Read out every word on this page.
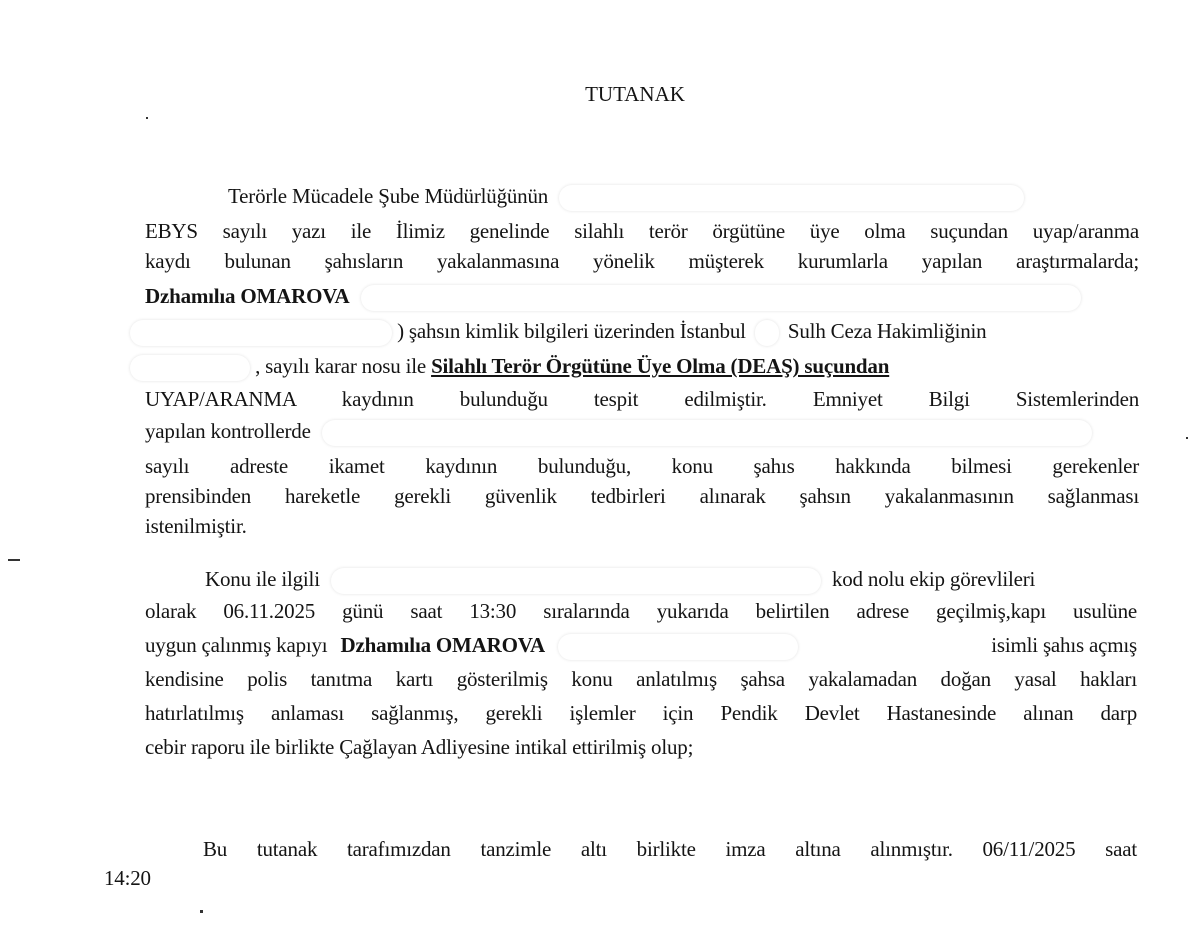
TUTANAK
Terörle Mücadele Şube Müdürlüğünün
EBYS sayılı yazı ile İlimiz genelinde silahlı terör örgütüne üye olma suçundan uyap/aranma
kaydı bulunan şahısların yakalanmasına yönelik müşterek kurumlarla yapılan araştırmalarda;
Dzhamılıa OMAROVA
) şahsın kimlik bilgileri üzerinden İstanbul Sulh Ceza Hakimliğinin
, sayılı karar nosu ile Silahlı Terör Örgütüne Üye Olma (DEAŞ) suçundan
UYAP/ARANMA kaydının bulunduğu tespit edilmiştir. Emniyet Bilgi Sistemlerinden
yapılan kontrollerde
sayılı adreste ikamet kaydının bulunduğu, konu şahıs hakkında bilmesi gerekenler
prensibinden hareketle gerekli güvenlik tedbirleri alınarak şahsın yakalanmasının sağlanması
istenilmiştir.
Konu ile ilgili	kod nolu ekip görevlileri
olarak 06.11.2025 günü saat 13:30 sıralarında yukarıda belirtilen adrese geçilmiş,kapı usulüne
uygun çalınmış kapıyı Dzhamılıa OMAROVA	isimli şahıs açmış
kendisine polis tanıtma kartı gösterilmiş konu anlatılmış şahsa yakalamadan doğan yasal hakları
hatırlatılmış anlaması sağlanmış, gerekli işlemler için Pendik Devlet Hastanesinde alınan darp
cebir raporu ile birlikte Çağlayan Adliyesine intikal ettirilmiş olup;
Bu tutanak tarafımızdan tanzimle altı birlikte imza altına alınmıştır. 06/11/2025 saat
14:20
